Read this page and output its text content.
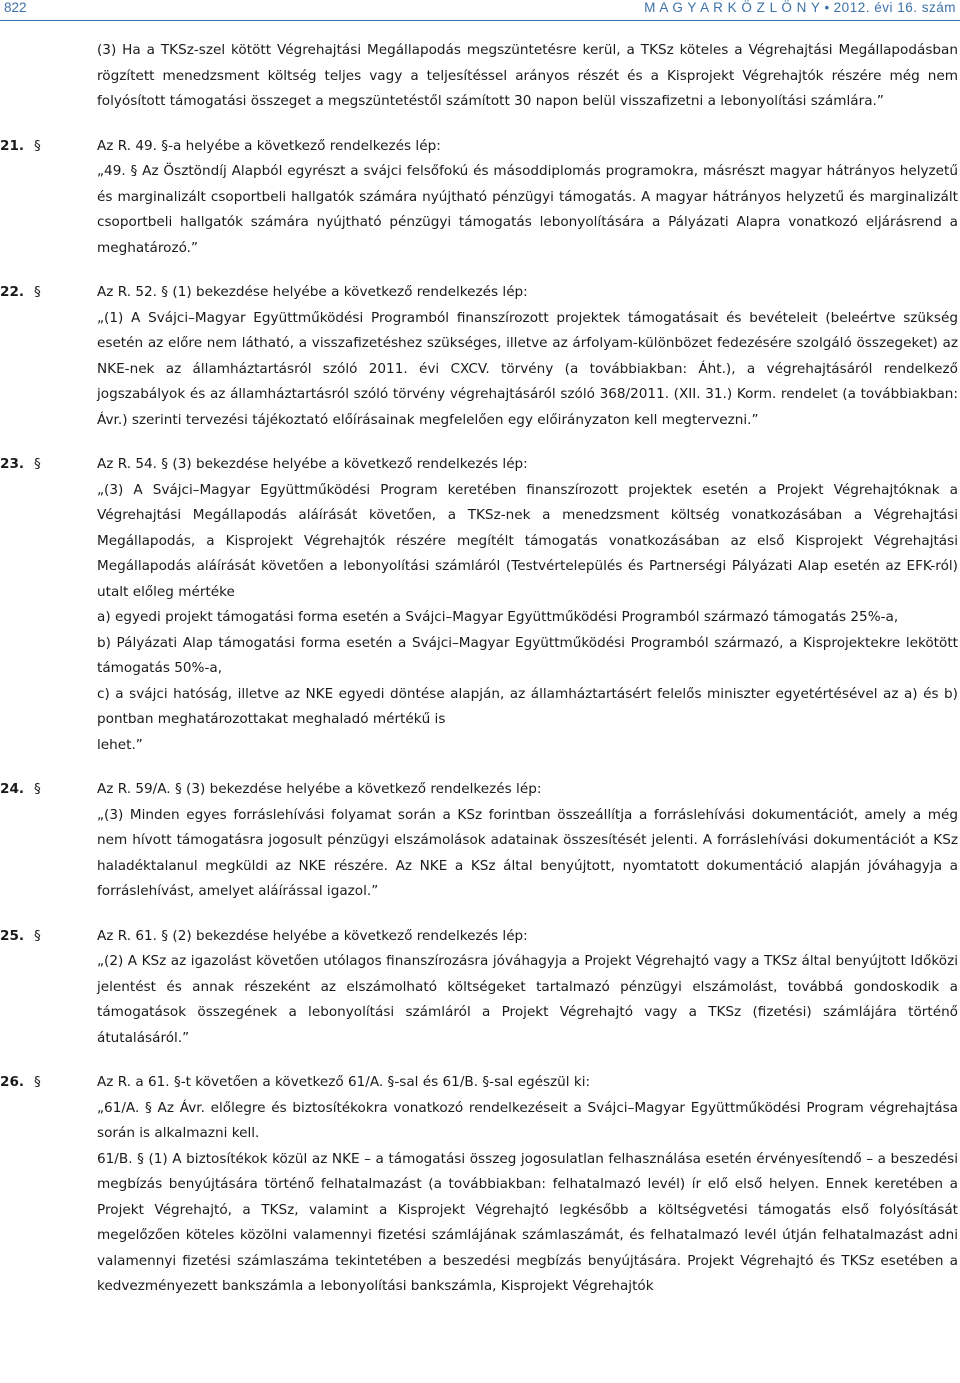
822	M A G Y A R K Ö Z L Ö N Y • 2012. évi 16. szám

(3) Ha a TKSz-szel kötött Végrehajtási Megállapodás megszüntetésre kerül, a TKSz köteles a Végrehajtási Megállapodásban rögzített menedzsment költség teljes vagy a teljesítéssel arányos részét és a Kisprojekt Végrehajtók részére még nem folyósított támogatási összeget a megszüntetéstől számított 30 napon belül visszafizetni a lebonyolítási számlára.”

21. §	Az R. 49. §-a helyébe a következő rendelkezés lép:

„49. § Az Ösztöndíj Alapból egyrészt a svájci felsőfokú és másoddiplomás programokra, másrészt magyar hátrányos helyzetű és marginalizált csoportbeli hallgatók számára nyújtható pénzügyi támogatás. A magyar hátrányos helyzetű és marginalizált csoportbeli hallgatók számára nyújtható pénzügyi támogatás lebonyolítására a Pályázati Alapra vonatkozó eljárásrend a meghatározó.”

22. §	Az R. 52. § (1) bekezdése helyébe a következő rendelkezés lép:

„(1) A Svájci–Magyar Együttműködési Programból finanszírozott projektek támogatásait és bevételeit (beleértve szükség esetén az előre nem látható, a visszafizetéshez szükséges, illetve az árfolyam-különbözet fedezésére szolgáló összegeket) az NKE-nek az államháztartásról szóló 2011. évi CXCV. törvény (a továbbiakban: Áht.), a végrehajtásáról rendelkező jogszabályok és az államháztartásról szóló törvény végrehajtásáról szóló 368/2011. (XII. 31.) Korm. rendelet (a továbbiakban: Ávr.) szerinti tervezési tájékoztató előírásainak megfelelően egy előirányzaton kell megtervezni.”

23. §	Az R. 54. § (3) bekezdése helyébe a következő rendelkezés lép:

„(3) A Svájci–Magyar Együttműködési Program keretében finanszírozott projektek esetén a Projekt Végrehajtóknak a Végrehajtási Megállapodás aláírását követően, a TKSz-nek a menedzsment költség vonatkozásában a Végrehajtási Megállapodás, a Kisprojekt Végrehajtók részére megítélt támogatás vonatkozásában az első Kisprojekt Végrehajtási Megállapodás aláírását követően a lebonyolítási számláról (Testvértelepülés és Partnerségi Pályázati Alap esetén az EFK-ról) utalt előleg mértéke

a) egyedi projekt támogatási forma esetén a Svájci–Magyar Együttműködési Programból származó támogatás 25%-a,

b) Pályázati Alap támogatási forma esetén a Svájci–Magyar Együttműködési Programból származó, a Kisprojektekre lekötött támogatás 50%-a,

c) a svájci hatóság, illetve az NKE egyedi döntése alapján, az államháztartásért felelős miniszter egyetértésével az a) és b) pontban meghatározottakat meghaladó mértékű is

lehet.”

24. §	Az R. 59/A. § (3) bekezdése helyébe a következő rendelkezés lép:

„(3) Minden egyes forráslehívási folyamat során a KSz forintban összeállítja a forráslehívási dokumentációt, amely a még nem hívott támogatásra jogosult pénzügyi elszámolások adatainak összesítését jelenti. A forráslehívási dokumentációt a KSz haladéktalanul megküldi az NKE részére. Az NKE a KSz által benyújtott, nyomtatott dokumentáció alapján jóváhagyja a forráslehívást, amelyet aláírással igazol.”

25. §	Az R. 61. § (2) bekezdése helyébe a következő rendelkezés lép:

„(2) A KSz az igazolást követően utólagos finanszírozásra jóváhagyja a Projekt Végrehajtó vagy a TKSz által benyújtott Időközi jelentést és annak részeként az elszámolható költségeket tartalmazó pénzügyi elszámolást, továbbá gondoskodik a támogatások összegének a lebonyolítási számláról a Projekt Végrehajtó vagy a TKSz (fizetési) számlájára történő átutalásáról.”

26. §	Az R. a 61. §-t követően a következő 61/A. §-sal és 61/B. §-sal egészül ki:

„61/A. § Az Ávr. előlegre és biztosítékokra vonatkozó rendelkezéseit a Svájci–Magyar Együttműködési Program végrehajtása során is alkalmazni kell.

61/B. § (1) A biztosítékok közül az NKE – a támogatási összeg jogosulatlan felhasználása esetén érvényesítendő – a beszedési megbízás benyújtására történő felhatalmazást (a továbbiakban: felhatalmazó levél) ír elő első helyen. Ennek keretében a Projekt Végrehajtó, a TKSz, valamint a Kisprojekt Végrehajtó legkésőbb a költségvetési támogatás első folyósítását megelőzően köteles közölni valamennyi fizetési számlájának számlaszámát, és felhatalmazó levél útján felhatalmazást adni valamennyi fizetési számlaszáma tekintetében a beszedési megbízás benyújtására. Projekt Végrehajtó és TKSz esetében a kedvezményezett bankszámla a lebonyolítási bankszámla, Kisprojekt Végrehajtók
